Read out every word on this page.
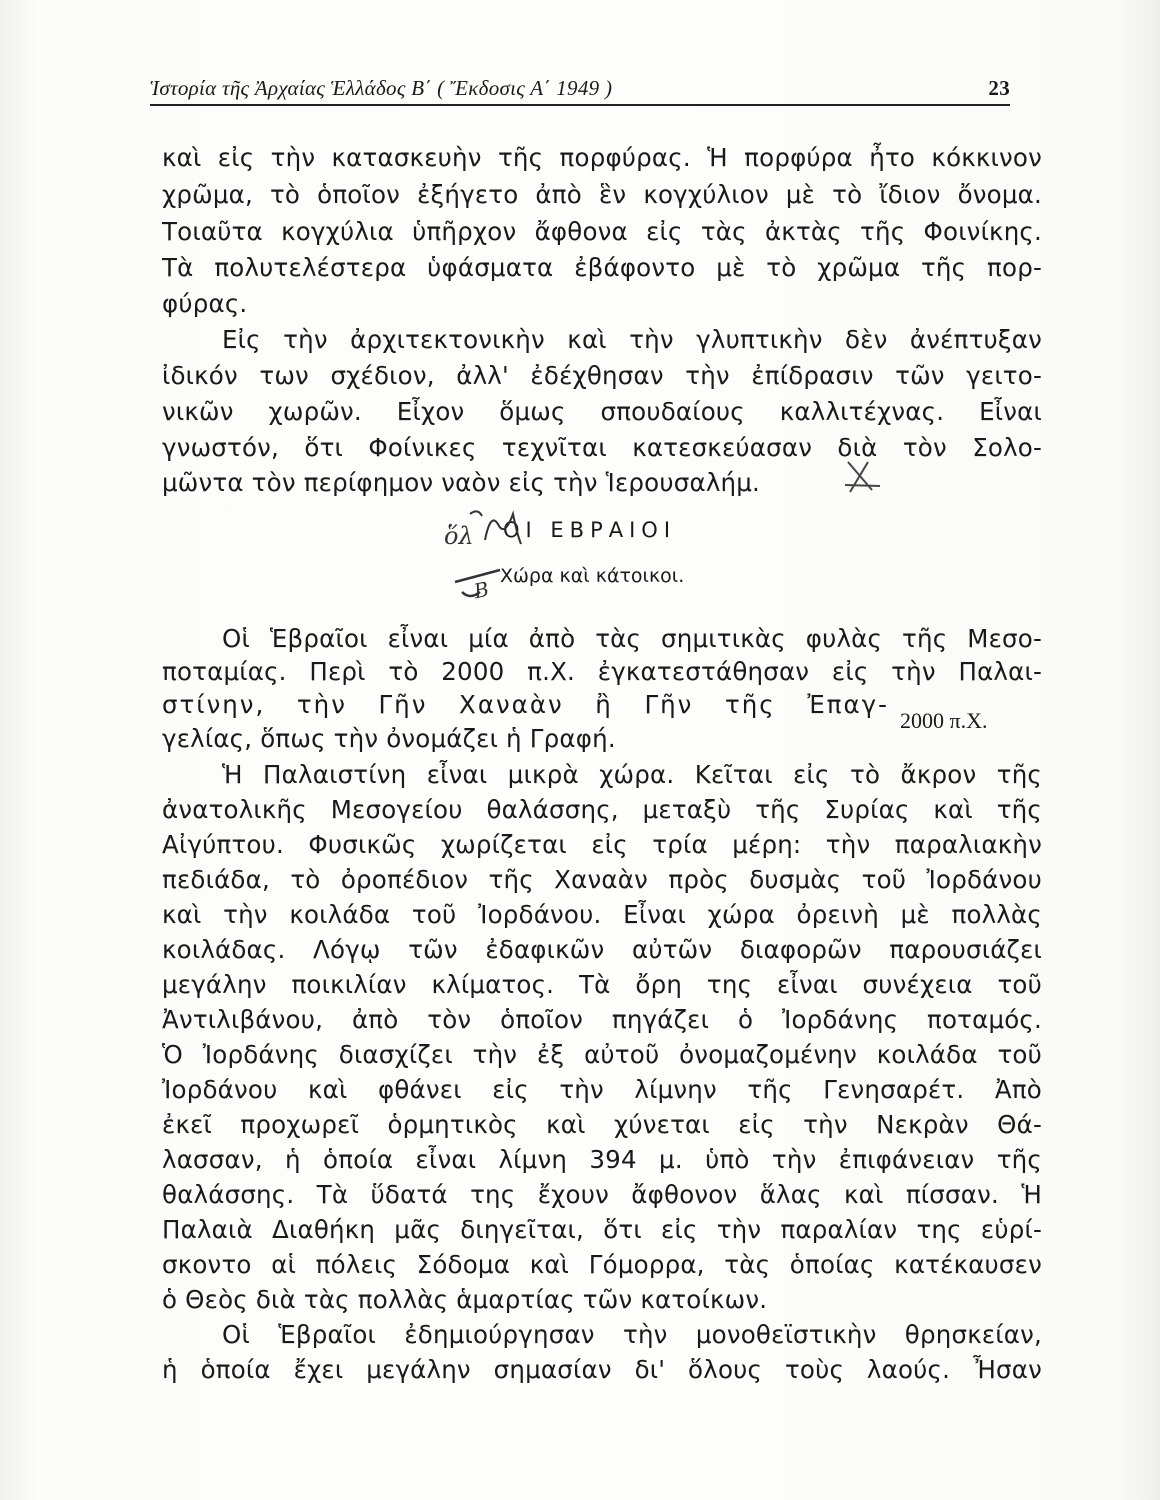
Ἱστορία τῆς Ἀρχαίας Ἑλλάδος Β΄ ( Ἔκδοσις Α΄ 1949 )	23
καὶ εἰς τὴν κατασκευὴν τῆς πορφύρας. Ἡ πορφύρα ἦτο κόκκινον
χρῶμα, τὸ ὁποῖον ἐξήγετο ἀπὸ ἓν κογχύλιον μὲ τὸ ἴδιον ὄνομα.
Τοιαῦτα κογχύλια ὑπῆρχον ἄφθονα εἰς τὰς ἀκτὰς τῆς Φοινίκης.
Τὰ πολυτελέστερα ὑφάσματα ἐβάφοντο μὲ τὸ χρῶμα τῆς πορ-
φύρας.
Εἰς τὴν ἀρχιτεκτονικὴν καὶ τὴν γλυπτικὴν δὲν ἀνέπτυξαν
ἰδικόν των σχέδιον, ἀλλ' ἐδέχθησαν τὴν ἐπίδρασιν τῶν γειτο-
νικῶν χωρῶν. Εἶχον ὅμως σπουδαίους καλλιτέχνας. Εἶναι
γνωστόν, ὅτι Φοίνικες τεχνῖται κατεσκεύασαν διὰ τὸν Σολο-
μῶντα τὸν περίφημον ναὸν εἰς τὴν Ἱερουσαλήμ.
ΟΙ ΕΒΡΑΙΟΙ
Χώρα καὶ κάτοικοι.
ὅλ
Β
Οἱ Ἑβραῖοι εἶναι μία ἀπὸ τὰς σημιτικὰς φυλὰς τῆς Μεσο-
ποταμίας. Περὶ τὸ 2000 π.Χ. ἐγκατεστάθησαν εἰς τὴν Παλαι-
στίνην, τὴν Γῆν Χαναὰν ἢ Γῆν τῆς Ἐπαγ-
γελίας, ὅπως τὴν ὀνομάζει ἡ Γραφή.
2000 π.Χ.
Ἡ Παλαιστίνη εἶναι μικρὰ χώρα. Κεῖται εἰς τὸ ἄκρον τῆς
ἀνατολικῆς Μεσογείου θαλάσσης, μεταξὺ τῆς Συρίας καὶ τῆς
Αἰγύπτου. Φυσικῶς χωρίζεται εἰς τρία μέρη: τὴν παραλιακὴν
πεδιάδα, τὸ ὀροπέδιον τῆς Χαναὰν πρὸς δυσμὰς τοῦ Ἰορδάνου
καὶ τὴν κοιλάδα τοῦ Ἰορδάνου. Εἶναι χώρα ὀρεινὴ μὲ πολλὰς
κοιλάδας. Λόγῳ τῶν ἐδαφικῶν αὐτῶν διαφορῶν παρουσιάζει
μεγάλην ποικιλίαν κλίματος. Τὰ ὄρη της εἶναι συνέχεια τοῦ
Ἀντιλιβάνου, ἀπὸ τὸν ὁποῖον πηγάζει ὁ Ἰορδάνης ποταμός.
Ὁ Ἰορδάνης διασχίζει τὴν ἐξ αὐτοῦ ὀνομαζομένην κοιλάδα τοῦ
Ἰορδάνου καὶ φθάνει εἰς τὴν λίμνην τῆς Γενησαρέτ. Ἀπὸ
ἐκεῖ προχωρεῖ ὁρμητικὸς καὶ χύνεται εἰς τὴν Νεκρὰν Θά-
λασσαν, ἡ ὁποία εἶναι λίμνη 394 μ. ὑπὸ τὴν ἐπιφάνειαν τῆς
θαλάσσης. Τὰ ὕδατά της ἔχουν ἄφθονον ἅλας καὶ πίσσαν. Ἡ
Παλαιὰ Διαθήκη μᾶς διηγεῖται, ὅτι εἰς τὴν παραλίαν της εὑρί-
σκοντο αἱ πόλεις Σόδομα καὶ Γόμορρα, τὰς ὁποίας κατέκαυσεν
ὁ Θεὸς διὰ τὰς πολλὰς ἁμαρτίας τῶν κατοίκων.
Οἱ Ἑβραῖοι ἐδημιούργησαν τὴν μονοθεϊστικὴν θρησκείαν,
ἡ ὁποία ἔχει μεγάλην σημασίαν δι' ὅλους τοὺς λαούς. Ἦσαν
